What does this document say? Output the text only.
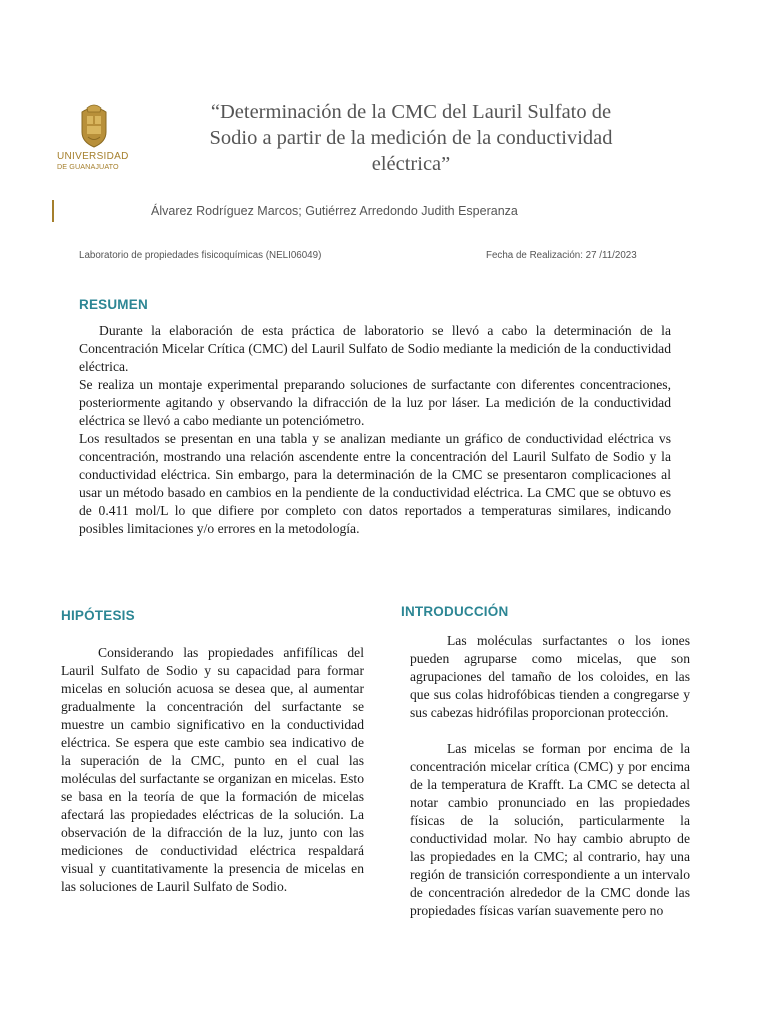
UNIVERSIDAD
DE GUANAJUATO
“Determinación de la CMC del Lauril Sulfato de Sodio a partir de la medición de la conductividad eléctrica”
Álvarez Rodríguez Marcos; Gutiérrez Arredondo Judith Esperanza
Laboratorio de propiedades fisicoquímicas (NELI06049)	Fecha de Realización: 27 /11/2023
RESUMEN

Durante la elaboración de esta práctica de laboratorio se llevó a cabo la determinación de la Concentración Micelar Crítica (CMC) del Lauril Sulfato de Sodio mediante la medición de la conductividad eléctrica.

Se realiza un montaje experimental preparando soluciones de surfactante con diferentes concentraciones, posteriormente agitando y observando la difracción de la luz por láser. La medición de la conductividad eléctrica se llevó a cabo mediante un potenciómetro.

Los resultados se presentan en una tabla y se analizan mediante un gráfico de conductividad eléctrica vs concentración, mostrando una relación ascendente entre la concentración del Lauril Sulfato de Sodio y la conductividad eléctrica. Sin embargo, para la determinación de la CMC se presentaron complicaciones al usar un método basado en cambios en la pendiente de la conductividad eléctrica. La CMC que se obtuvo es de 0.411 mol/L lo que difiere por completo con datos reportados a temperaturas similares, indicando posibles limitaciones y/o errores en la metodología.

HIPÓTESIS

Considerando las propiedades anfifílicas del Lauril Sulfato de Sodio y su capacidad para formar micelas en solución acuosa se desea que, al aumentar gradualmente la concentración del surfactante se muestre un cambio significativo en la conductividad eléctrica. Se espera que este cambio sea indicativo de la superación de la CMC, punto en el cual las moléculas del surfactante se organizan en micelas. Esto se basa en la teoría de que la formación de micelas afectará las propiedades eléctricas de la solución. La observación de la difracción de la luz, junto con las mediciones de conductividad eléctrica respaldará visual y cuantitativamente la presencia de micelas en las soluciones de Lauril Sulfato de Sodio.

INTRODUCCIÓN

Las moléculas surfactantes o los iones pueden agruparse como micelas, que son agrupaciones del tamaño de los coloides, en las que sus colas hidrofóbicas tienden a congregarse y sus cabezas hidrófilas proporcionan protección.

Las micelas se forman por encima de la concentración micelar crítica (CMC) y por encima de la temperatura de Krafft. La CMC se detecta al notar cambio pronunciado en las propiedades físicas de la solución, particularmente la conductividad molar. No hay cambio abrupto de las propiedades en la CMC; al contrario, hay una región de transición correspondiente a un intervalo de concentración alrededor de la CMC donde las propiedades físicas varían suavemente pero no
